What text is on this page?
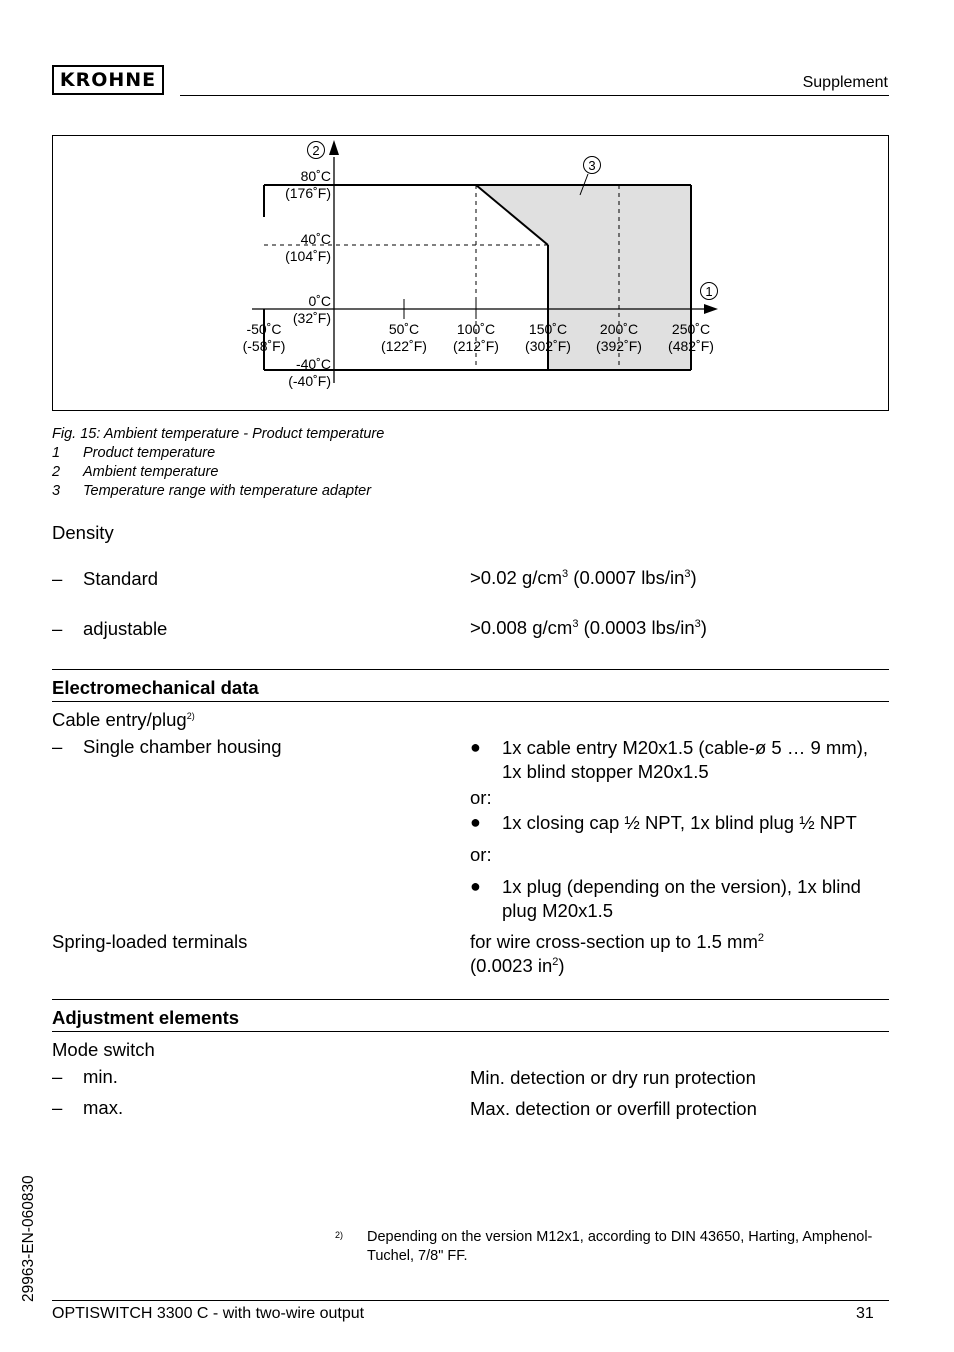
KROHNE	Supplement
80˚C
(176˚F)
40˚C
(104˚F)
0˚C
(32˚F)
-40˚C
(-40˚F)
-50˚C
(-58˚F)
50˚C
(122˚F)
100˚C
(212˚F)
150˚C
(302˚F)
200˚C
(392˚F)
250˚C
(482˚F)
2
3
1
Fig. 15: Ambient temperature - Product temperature
1 Product temperature
2 Ambient temperature
3 Temperature range with temperature adapter
Density
– Standard	>0.02 $g/cm^3$ (0.0007 lbs/$in^3$)
– adjustable	>0.008 $g/cm^3$ (0.0003 lbs/$in^3$)
Electromechanical data
Cable entry/plug$^{2)}$
– Single chamber housing	● 1x cable entry M20x1.5 (cable-ø 5 … 9 mm), 1x blind stopper M20x1.5
or:
● 1x closing cap ½ NPT, 1x blind plug ½ NPT
or:
● 1x plug (depending on the version), 1x blind plug M20x1.5
Spring-loaded terminals	for wire cross-section up to 1.5 $mm^2$
(0.0023 $in^2$)
Adjustment elements
Mode switch
– min.	Min. detection or dry run protection
– max.	Max. detection or overfill protection
29963-EN-060830	2) Depending on the version M12x1, according to DIN 43650, Harting, Amphenol-Tuchel, 7/8" FF.
OPTISWITCH 3300 C - with two-wire output	31
